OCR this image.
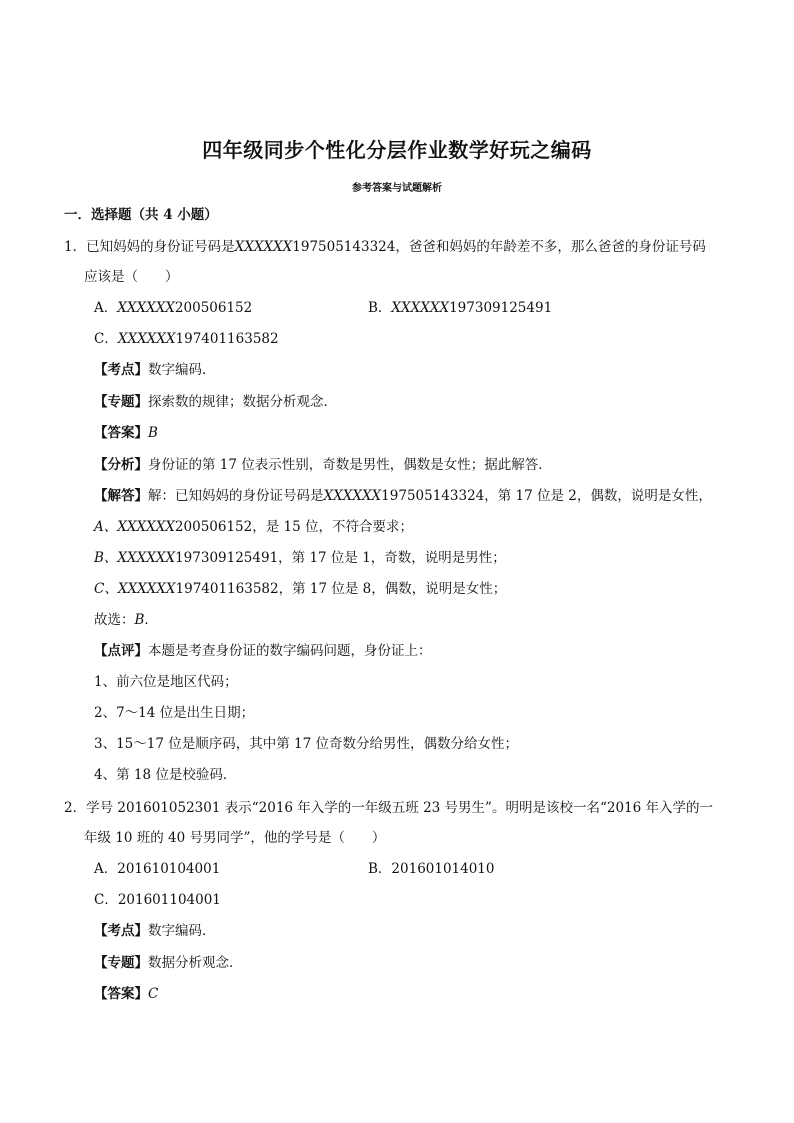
四年级同步个性化分层作业数学好玩之编码
参考答案与试题解析
一．选择题（共 4 小题）
1．已知妈妈的身份证号码是XXXXXX197505143324，爸爸和妈妈的年龄差不多，那么爸爸的身份证号码
应该是（　　）
A．XXXXXX200506152	B．XXXXXX197309125491
C．XXXXXX197401163582
【考点】数字编码．
【专题】探索数的规律；数据分析观念．
【答案】B
【分析】身份证的第 17 位表示性别，奇数是男性，偶数是女性；据此解答．
【解答】解：已知妈妈的身份证号码是XXXXXX197505143324，第 17 位是 2，偶数，说明是女性，
A、XXXXXX200506152，是 15 位，不符合要求；
B、XXXXXX197309125491，第 17 位是 1，奇数，说明是男性；
C、XXXXXX197401163582，第 17 位是 8，偶数，说明是女性；
故选：B．
【点评】本题是考查身份证的数字编码问题，身份证上：
1、前六位是地区代码；
2、7～14 位是出生日期；
3、15～17 位是顺序码，其中第 17 位奇数分给男性，偶数分给女性；
4、第 18 位是校验码．
2．学号 201601052301 表示“2016 年入学的一年级五班 23 号男生”。明明是该校一名“2016 年入学的一
年级 10 班的 40 号男同学”，他的学号是（　　）
A．201610104001	B．201601014010
C．201601104001
【考点】数字编码．
【专题】数据分析观念．
【答案】C
